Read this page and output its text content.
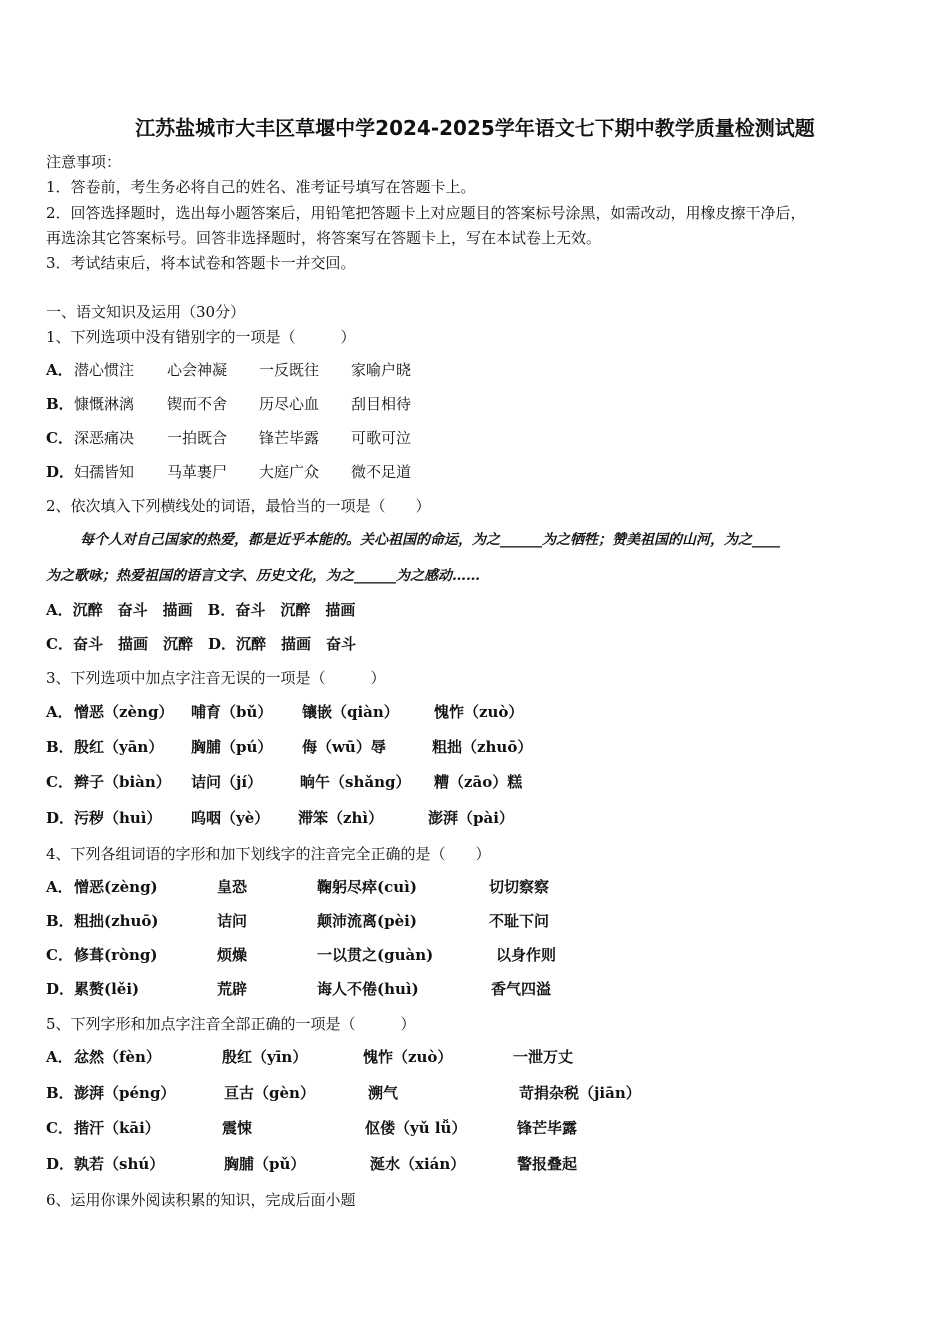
江苏盐城市大丰区草堰中学2024-2025学年语文七下期中教学质量检测试题
注意事项：
1．答卷前，考生务必将自己的姓名、准考证号填写在答题卡上。
2．回答选择题时，选出每小题答案后，用铅笔把答题卡上对应题目的答案标号涂黑，如需改动，用橡皮擦干净后，
再选涂其它答案标号。回答非选择题时，将答案写在答题卡上，写在本试卷上无效。
3．考试结束后，将本试卷和答题卡一并交回。
一、语文知识及运用（30分）
1、下列选项中没有错别字的一项是（　　　）
A． 潜心惯注 心会神凝 一反既往 家喻户晓
B． 慷慨淋漓 锲而不舍 历尽心血 刮目相待
C． 深恶痛决 一拍既合 锋芒毕露 可歌可泣
D． 妇孺皆知 马革裹尸 大庭广众 微不足道
2、依次填入下列横线处的词语，最恰当的一项是（　　）
每个人对自己国家的热爱，都是近乎本能的。关心祖国的命运，为之______为之牺牲；赞美祖国的山河，为之____
为之歌咏；热爱祖国的语言文字、历史文化，为之______为之感动……
A．沉醉　奋斗　描画　B．奋斗　沉醉　描画
C．奋斗　描画　沉醉　D．沉醉　描画　奋斗
3、下列选项中加点字注音无误的一项是（　　　）
A． 憎恶（zèng） 哺育（bǔ） 镶嵌（qiàn） 愧怍（zuò）
B． 殷红（yān） 胸脯（pú） 侮（wū）辱	粗拙（zhuō）
C． 辫子（biàn） 诘问（jí）	晌午（shǎng） 糟（zāo）糕
D． 污秽（huì） 呜咽（yè） 滞笨（zhì）	澎湃（pài）
4、下列各组词语的字形和加下划线字的注音完全正确的是（　　）
A． 憎恶(zèng)	皇恐	鞠躬尽瘁(cuì)	切切察察
B． 粗拙(zhuō)	诘问	颠沛流离(pèi)	不耻下问
C． 修葺(ròng)	烦燥	一以贯之(guàn)	以身作则
D． 累赘(lěi)	荒辟	诲人不倦(huì)	香气四溢
5、下列字形和加点字注音全部正确的一项是（　　　）
A． 忿然（fèn）	殷红（yīn）	愧怍（zuò）	一泄万丈
B． 澎湃（péng）	亘古（gèn）	溯气	苛捐杂税（jiān）
C． 揩汗（kāi）	震悚	伛偻（yǔ lǚ）	锋芒毕露
D． 孰若（shú）	胸脯（pǔ）	涎水（xián）	警报叠起
6、运用你课外阅读积累的知识，完成后面小题
